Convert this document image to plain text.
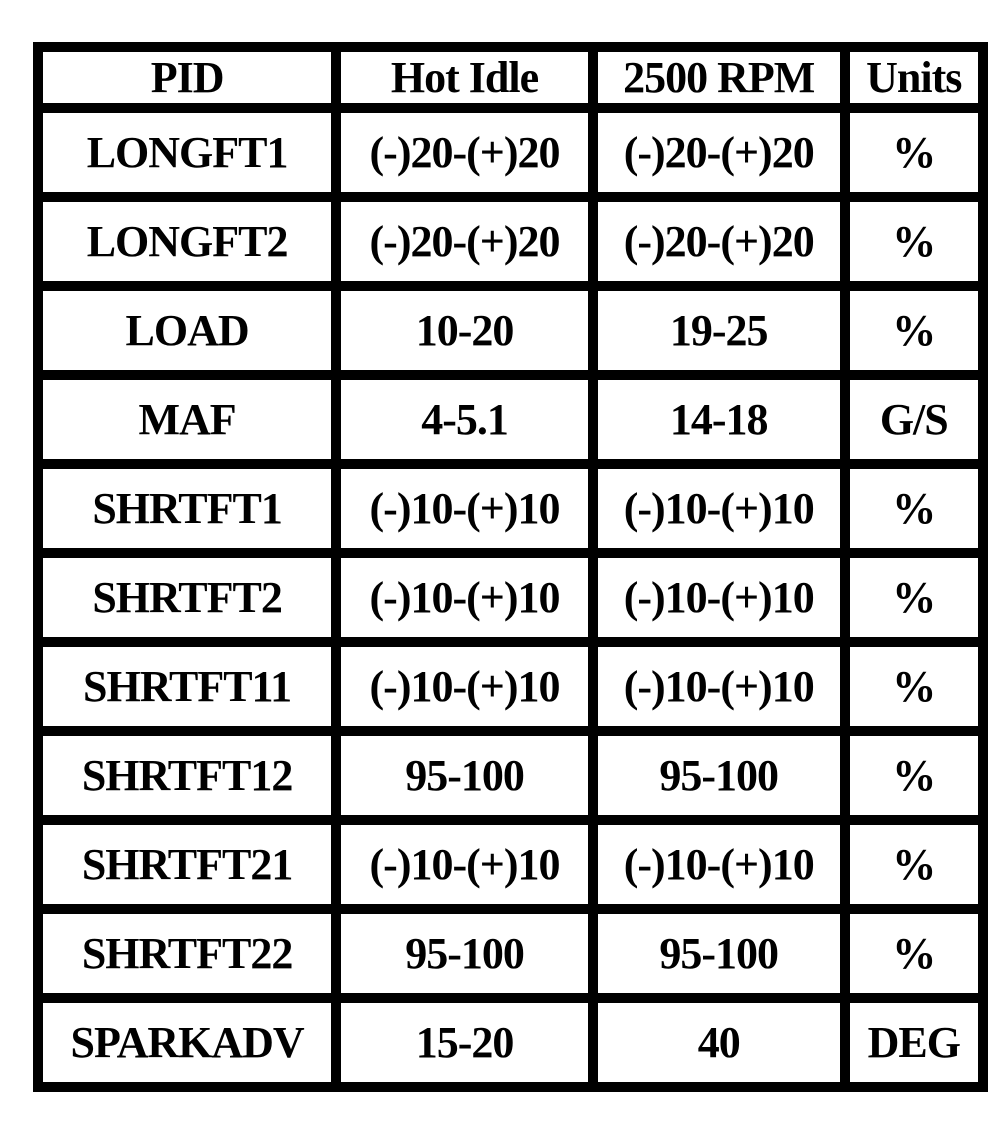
PID	Hot Idle	2500 RPM	Units
LONGFT1	(-)20-(+)20	(-)20-(+)20	%
LONGFT2	(-)20-(+)20	(-)20-(+)20	%
LOAD	10-20	19-25	%
MAF	4-5.1	14-18	G/S
SHRTFT1	(-)10-(+)10	(-)10-(+)10	%
SHRTFT2	(-)10-(+)10	(-)10-(+)10	%
SHRTFT11	(-)10-(+)10	(-)10-(+)10	%
SHRTFT12	95-100	95-100	%
SHRTFT21	(-)10-(+)10	(-)10-(+)10	%
SHRTFT22	95-100	95-100	%
SPARKADV	15-20	40	DEG
